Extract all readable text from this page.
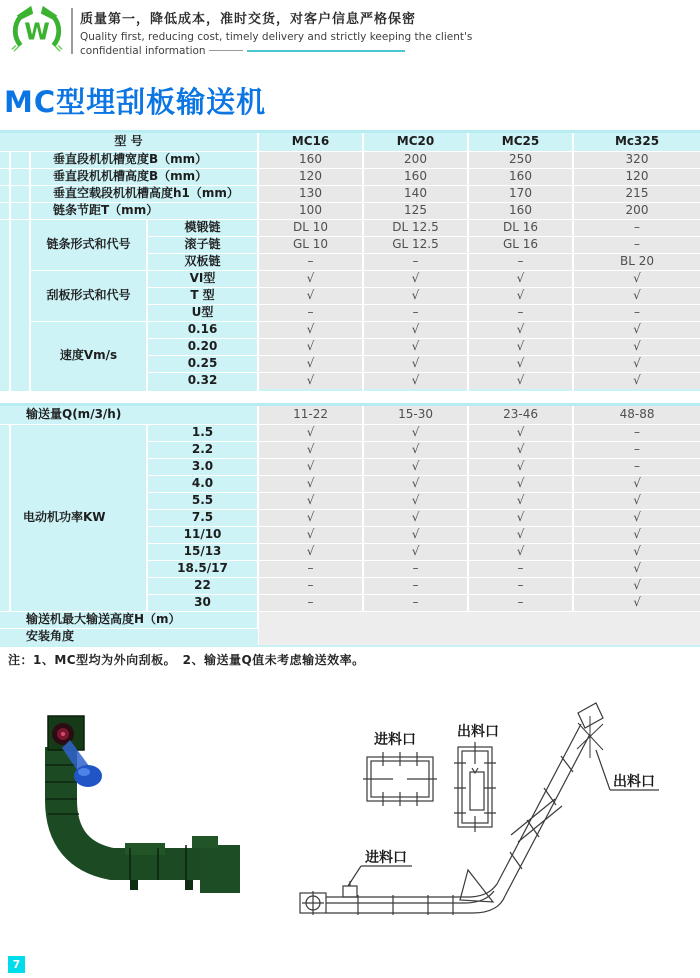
W
质量第一，降低成本，准时交货，对客户信息严格保密
Quality first, reducing cost, timely delivery and strictly keeping the client's
confidential information
MC型埋刮板输送机
型 号				MC16	MC20	MC25	Mc325
		垂直段机机槽宽度B（mm）		160	200	250	320
		垂直段机机槽高度B（mm）		120	160	160	120
		垂直空载段机机槽高度h1（mm）		130	140	170	215
		链条节距T（mm）		100	125	160	200
		链条形式和代号	模锻链	DL 10	DL 12.5	DL 16	–
			滚子链	GL 10	GL 12.5	GL 16	–
			双板链	–	–	–	BL 20
		刮板形式和代号	VI型	√	√	√	√
			T 型	√	√	√	√
			U型	–	–	–	–
		速度Vm/s	0.16	√	√	√	√
			0.20	√	√	√	√
			0.25	√	√	√	√
			0.32	√	√	√	√
输送量Q(m/3/h)			11-22	15-30	23-46	48-88
	电动机功率KW	1.5	√	√	√	–
		2.2	√	√	√	–
		3.0	√	√	√	–
		4.0	√	√	√	√
		5.5	√	√	√	√
		7.5	√	√	√	√
		11/10	√	√	√	√
		15/13	√	√	√	√
		18.5/17	–	–	–	√
		22	–	–	–	√
		30	–	–	–	√
输送机最大输送高度H（m）						
安装角度						
注：1、MC型均为外向刮板。　2、输送量Q值未考虑输送效率。
进料口	出料口
进料口
出料口
7
